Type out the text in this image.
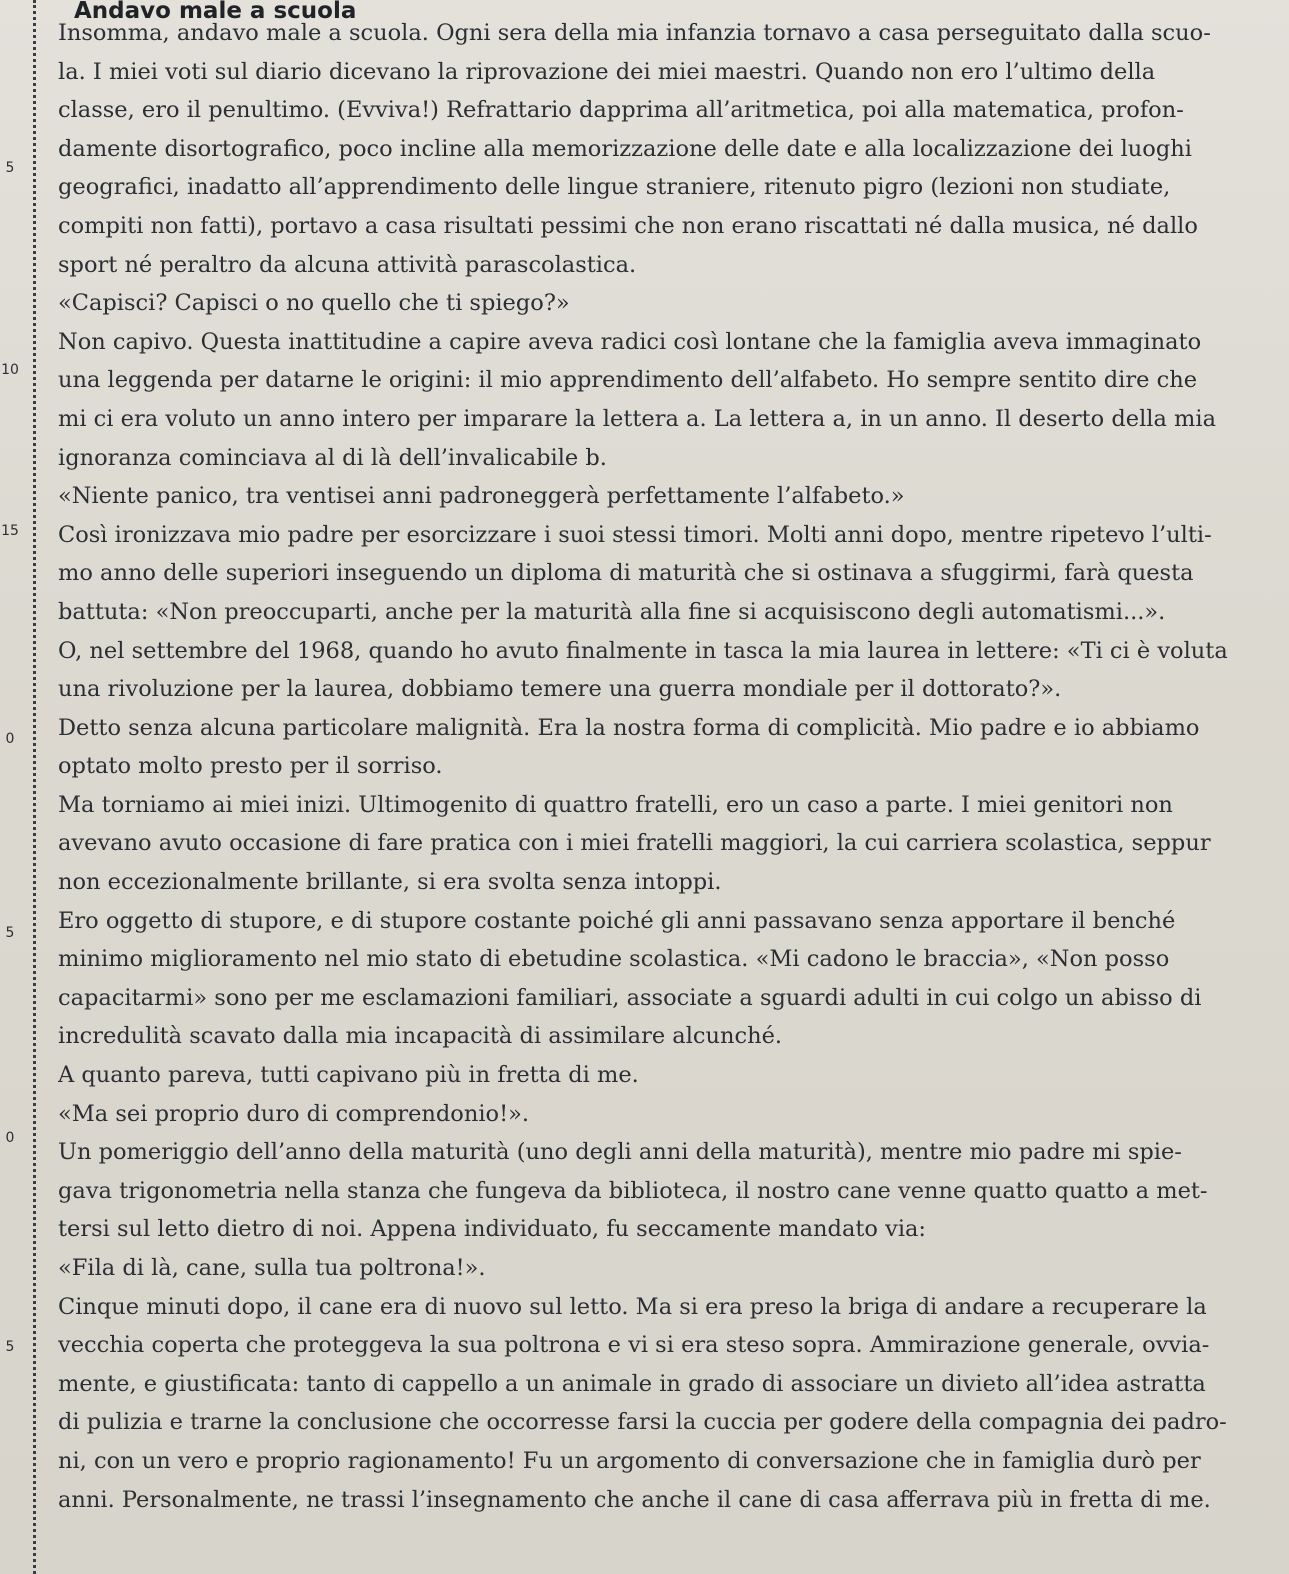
Andavo male a scuola
5
10
15
0
5
0
5
Insomma, andavo male a scuola. Ogni sera della mia infanzia tornavo a casa perseguitato dalla scuo-
la. I miei voti sul diario dicevano la riprovazione dei miei maestri. Quando non ero l’ultimo della
classe, ero il penultimo. (Evviva!) Refrattario dapprima all’aritmetica, poi alla matematica, profon-
damente disortografico, poco incline alla memorizzazione delle date e alla localizzazione dei luoghi
geografici, inadatto all’apprendimento delle lingue straniere, ritenuto pigro (lezioni non studiate,
compiti non fatti), portavo a casa risultati pessimi che non erano riscattati né dalla musica, né dallo
sport né peraltro da alcuna attività parascolastica.
«Capisci? Capisci o no quello che ti spiego?»
Non capivo. Questa inattitudine a capire aveva radici così lontane che la famiglia aveva immaginato
una leggenda per datarne le origini: il mio apprendimento dell’alfabeto. Ho sempre sentito dire che
mi ci era voluto un anno intero per imparare la lettera a. La lettera a, in un anno. Il deserto della mia
ignoranza cominciava al di là dell’invalicabile b.
«Niente panico, tra ventisei anni padroneggerà perfettamente l’alfabeto.»
Così ironizzava mio padre per esorcizzare i suoi stessi timori. Molti anni dopo, mentre ripetevo l’ulti-
mo anno delle superiori inseguendo un diploma di maturità che si ostinava a sfuggirmi, farà questa
battuta: «Non preoccuparti, anche per la maturità alla fine si acquisiscono degli automatismi...».
O, nel settembre del 1968, quando ho avuto finalmente in tasca la mia laurea in lettere: «Ti ci è voluta
una rivoluzione per la laurea, dobbiamo temere una guerra mondiale per il dottorato?».
Detto senza alcuna particolare malignità. Era la nostra forma di complicità. Mio padre e io abbiamo
optato molto presto per il sorriso.
Ma torniamo ai miei inizi. Ultimogenito di quattro fratelli, ero un caso a parte. I miei genitori non
avevano avuto occasione di fare pratica con i miei fratelli maggiori, la cui carriera scolastica, seppur
non eccezionalmente brillante, si era svolta senza intoppi.
Ero oggetto di stupore, e di stupore costante poiché gli anni passavano senza apportare il benché
minimo miglioramento nel mio stato di ebetudine scolastica. «Mi cadono le braccia», «Non posso
capacitarmi» sono per me esclamazioni familiari, associate a sguardi adulti in cui colgo un abisso di
incredulità scavato dalla mia incapacità di assimilare alcunché.
A quanto pareva, tutti capivano più in fretta di me.
«Ma sei proprio duro di comprendonio!».
Un pomeriggio dell’anno della maturità (uno degli anni della maturità), mentre mio padre mi spie-
gava trigonometria nella stanza che fungeva da biblioteca, il nostro cane venne quatto quatto a met-
tersi sul letto dietro di noi. Appena individuato, fu seccamente mandato via:
«Fila di là, cane, sulla tua poltrona!».
Cinque minuti dopo, il cane era di nuovo sul letto. Ma si era preso la briga di andare a recuperare la
vecchia coperta che proteggeva la sua poltrona e vi si era steso sopra. Ammirazione generale, ovvia-
mente, e giustificata: tanto di cappello a un animale in grado di associare un divieto all’idea astratta
di pulizia e trarne la conclusione che occorresse farsi la cuccia per godere della compagnia dei padro-
ni, con un vero e proprio ragionamento! Fu un argomento di conversazione che in famiglia durò per
anni. Personalmente, ne trassi l’insegnamento che anche il cane di casa afferrava più in fretta di me.
